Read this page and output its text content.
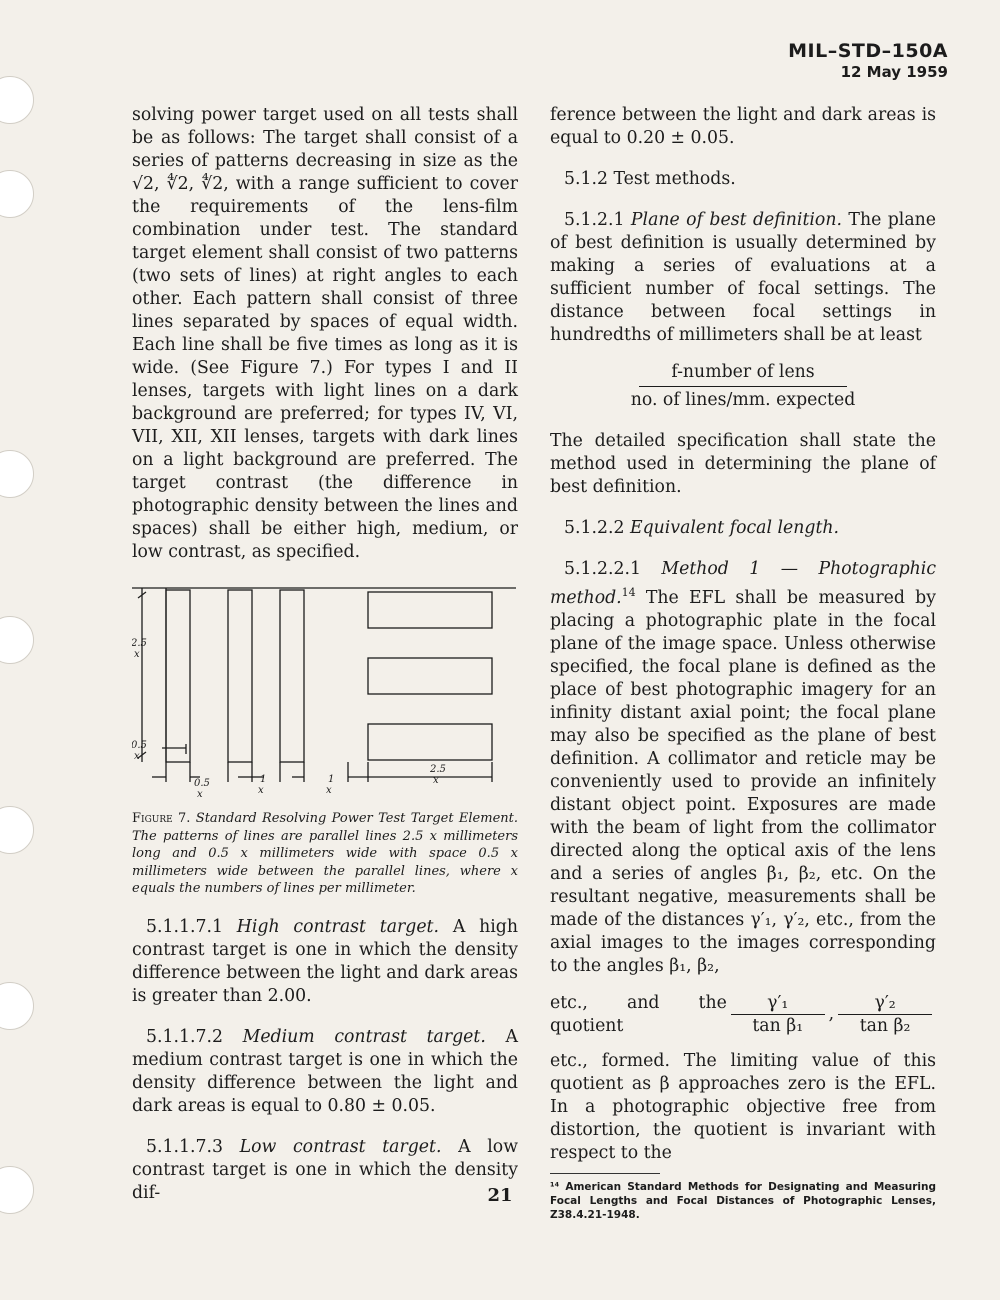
MIL–STD–150A
12 May 1959

solving power target used on all tests shall be as follows: The target shall consist of a series of patterns decreasing in size as the √2, ∜2, ∜2, with a range sufficient to cover the requirements of the lens-film combination under test. The standard target element shall consist of two patterns (two sets of lines) at right angles to each other. Each pattern shall consist of three lines separated by spaces of equal width. Each line shall be five times as long as it is wide. (See Figure 7.) For types I and II lenses, targets with light lines on a dark background are preferred; for types IV, VI, VII, XII, XII lenses, targets with dark lines on a light background are preferred. The target contrast (the difference in photographic density between the lines and spaces) shall be either high, medium, or low contrast, as specified.

2.5 x
0.5 x
0.5 x
1 x
1 x
2.5 x

Figure 7. Standard Resolving Power Test Target Element. The patterns of lines are parallel lines 2.5 x millimeters long and 0.5 x millimeters wide with space 0.5 x millimeters wide between the parallel lines, where x equals the numbers of lines per millimeter.

5.1.1.7.1 High contrast target. A high contrast target is one in which the density difference between the light and dark areas is greater than 2.00.

5.1.1.7.2 Medium contrast target. A medium contrast target is one in which the density difference between the light and dark areas is equal to 0.80 ± 0.05.

5.1.1.7.3 Low contrast target. A low contrast target is one in which the density dif-

ference between the light and dark areas is equal to 0.20 ± 0.05.

5.1.2 Test methods.

5.1.2.1 Plane of best definition. The plane of best definition is usually determined by making a series of evaluations at a sufficient number of focal settings. The distance between focal settings in hundredths of millimeters shall be at least

f-number of lens
no. of lines/mm. expected

The detailed specification shall state the method used in determining the plane of best definition.

5.1.2.2 Equivalent focal length.

5.1.2.2.1 Method 1 — Photographic method.$^{14}$ The EFL shall be measured by placing a photographic plate in the focal plane of the image space. Unless otherwise specified, the focal plane is defined as the place of best photographic imagery for an infinity distant axial point; the focal plane may also be specified as the plane of best definition. A collimator and reticle may be conveniently used to provide an infinitely distant object point. Exposures are made with the beam of light from the collimator directed along the optical axis of the lens and a series of angles β₁, β₂, etc. On the resultant negative, measurements shall be made of the distances γ′₁, γ′₂, etc., from the axial images to the images corresponding to the angles β₁, β₂,

etc., and the quotient
γ′₁
tan β₁
,
γ′₂
tan β₂

etc., formed. The limiting value of this quotient as β approaches zero is the EFL. In a photographic objective free from distortion, the quotient is invariant with respect to the

¹⁴ American Standard Methods for Designating and Measuring Focal Lengths and Focal Distances of Photographic Lenses, Z38.4.21-1948.

21
